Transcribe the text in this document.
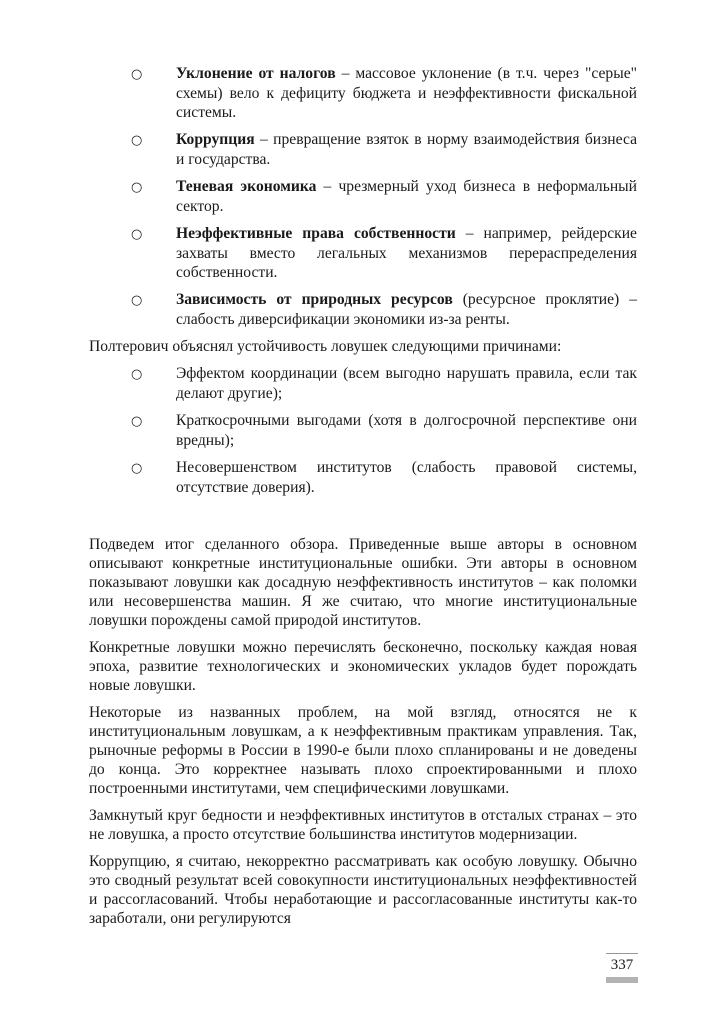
○ Уклонение от налогов – массовое уклонение (в т.ч. через "серые" схемы) вело к дефициту бюджета и неэффективности фискальной системы.
○ Коррупция – превращение взяток в норму взаимодействия бизнеса и государства.
○ Теневая экономика – чрезмерный уход бизнеса в неформальный сектор.
○ Неэффективные права собственности – например, рейдерские захваты вместо легальных механизмов перераспределения собственности.
○ Зависимость от природных ресурсов (ресурсное проклятие) – слабость диверсификации экономики из-за ренты.

Полтерович объяснял устойчивость ловушек следующими причинами:

○ Эффектом координации (всем выгодно нарушать правила, если так делают другие);
○ Краткосрочными выгодами (хотя в долгосрочной перспективе они вредны);
○ Несовершенством институтов (слабость правовой системы, отсутствие доверия).

Подведем итог сделанного обзора. Приведенные выше авторы в основном описывают конкретные институциональные ошибки. Эти авторы в основном показывают ловушки как досадную неэффективность институтов – как поломки или несовершенства машин. Я же считаю, что многие институциональные ловушки порождены самой природой институтов.

Конкретные ловушки можно перечислять бесконечно, поскольку каждая новая эпоха, развитие технологических и экономических укладов будет порождать новые ловушки.

Некоторые из названных проблем, на мой взгляд, относятся не к институциональным ловушкам, а к неэффективным практикам управления. Так, рыночные реформы в России в 1990-е были плохо спланированы и не доведены до конца. Это корректнее называть плохо спроектированными и плохо построенными институтами, чем специфическими ловушками.

Замкнутый круг бедности и неэффективных институтов в отсталых странах – это не ловушка, а просто отсутствие большинства институтов модернизации.

Коррупцию, я считаю, некорректно рассматривать как особую ловушку. Обычно это сводный результат всей совокупности институциональных неэффективностей и рассогласований. Чтобы неработающие и рассогласованные институты как-то заработали, они регулируются

337
